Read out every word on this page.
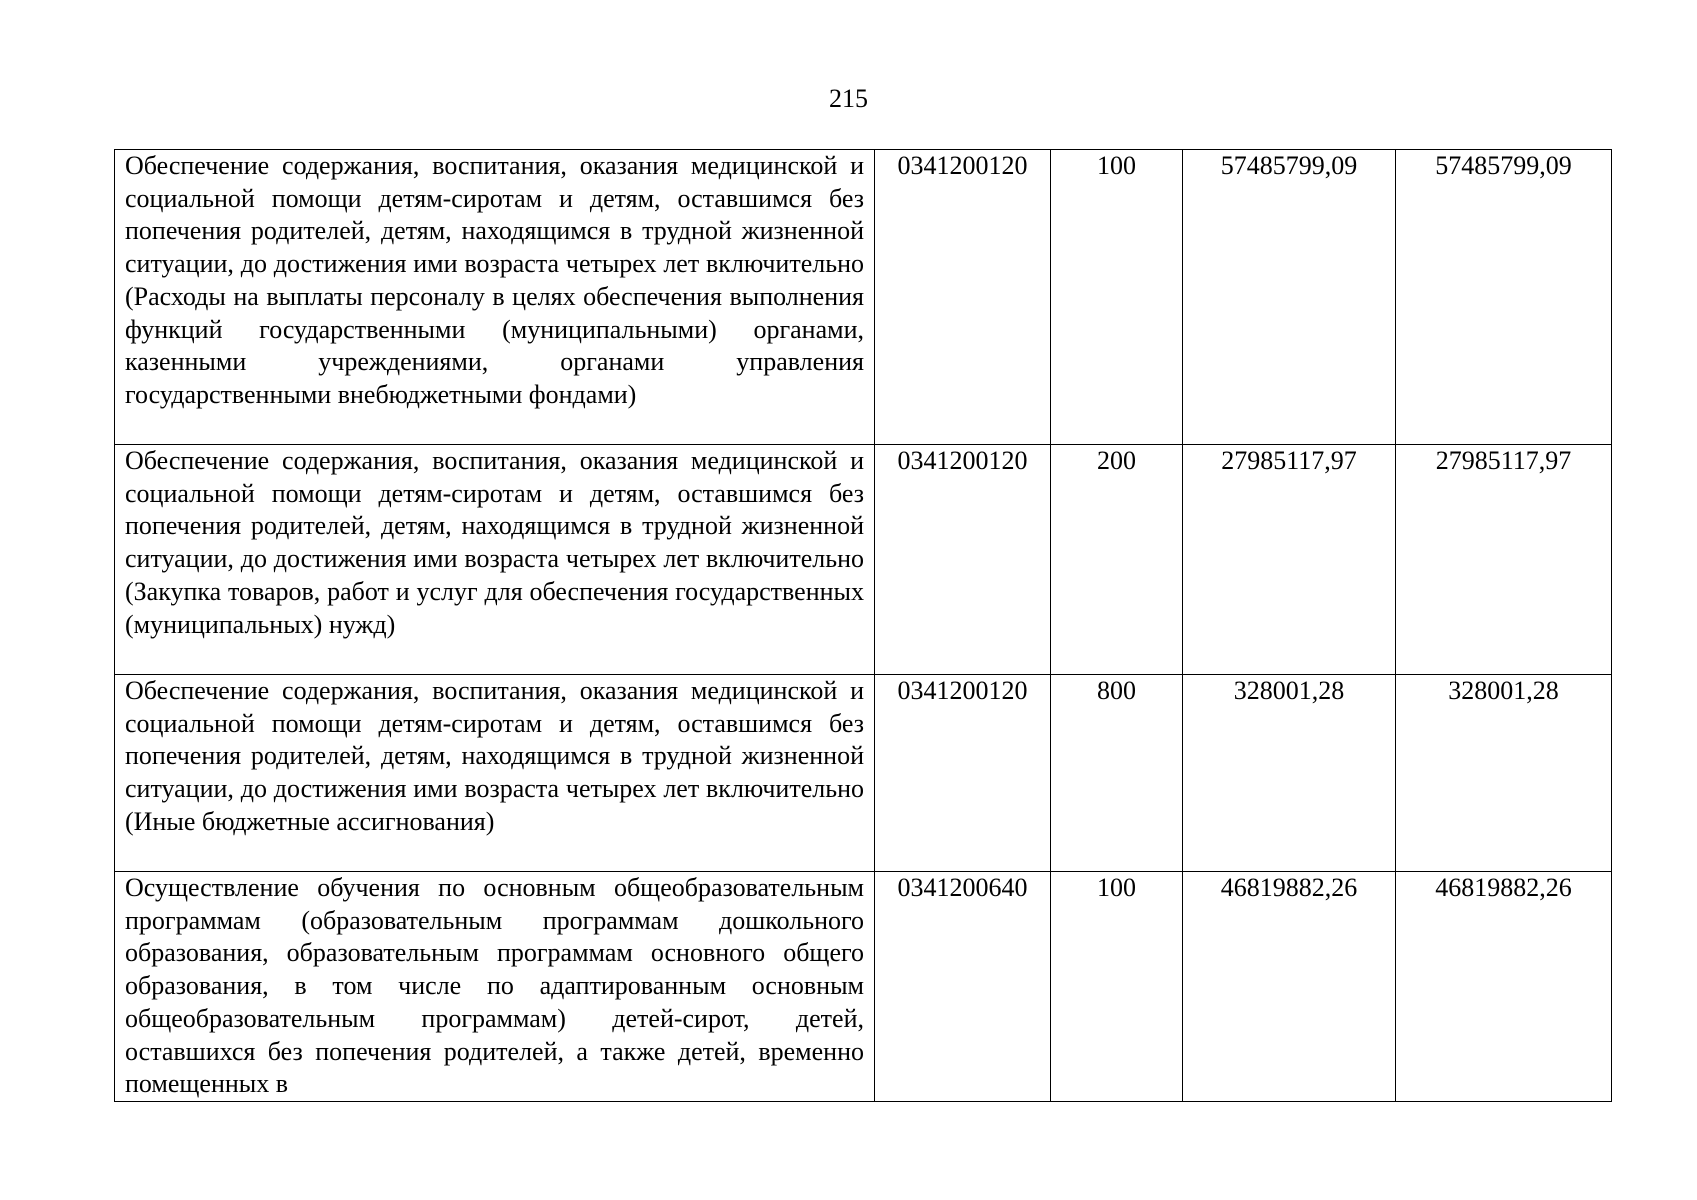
215
Обеспечение содержания, воспитания, оказания медицинской и социальной помощи детям-сиротам и детям, оставшимся без попечения родителей, детям, находящимся в трудной жизненной ситуации, до достижения ими возраста четырех лет включительно (Расходы на выплаты персоналу в целях обеспечения выполнения функций государственными (муниципальными) органами, казенными учреждениями, органами управления государственными внебюджетными фондами)	0341200120	100	57485799,09	57485799,09
Обеспечение содержания, воспитания, оказания медицинской и социальной помощи детям-сиротам и детям, оставшимся без попечения родителей, детям, находящимся в трудной жизненной ситуации, до достижения ими возраста четырех лет включительно (Закупка товаров, работ и услуг для обеспечения государственных (муниципальных) нужд)	0341200120	200	27985117,97	27985117,97
Обеспечение содержания, воспитания, оказания медицинской и социальной помощи детям-сиротам и детям, оставшимся без попечения родителей, детям, находящимся в трудной жизненной ситуации, до достижения ими возраста четырех лет включительно (Иные бюджетные ассигнования)	0341200120	800	328001,28	328001,28
Осуществление обучения по основным общеобразовательным программам (образовательным программам дошкольного образования, образовательным программам основного общего образования, в том числе по адаптированным основным общеобразовательным программам) детей-сирот, детей, оставшихся без попечения родителей, а также детей, временно помещенных в	0341200640	100	46819882,26	46819882,26
